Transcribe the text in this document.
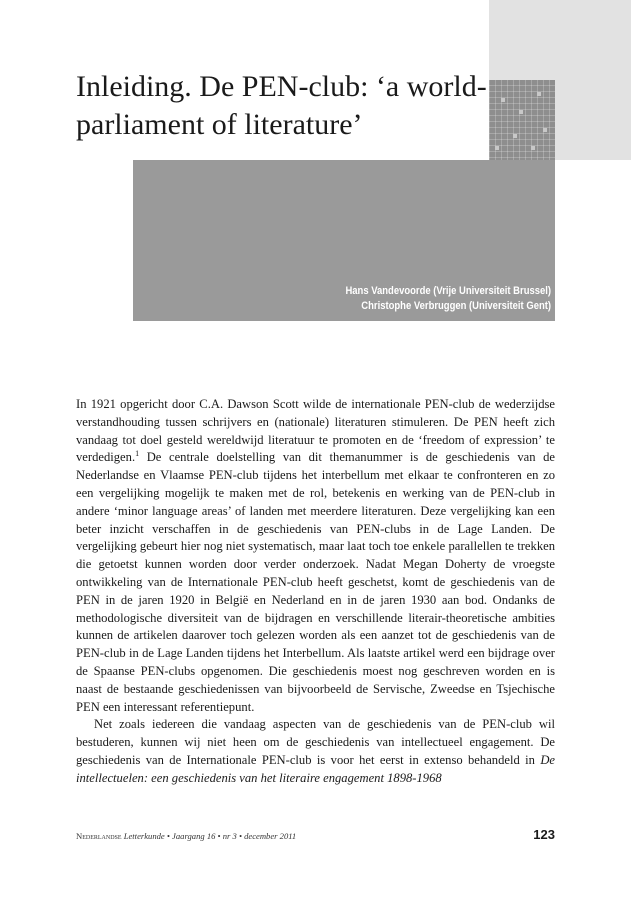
Inleiding. De PEN-club: ‘a world-
parliament of literature’
Hans Vandevoorde (Vrije Universiteit Brussel)
Christophe Verbruggen (Universiteit Gent)

In 1921 opgericht door C.A. Dawson Scott wilde de internationale PEN-club de wederzijdse verstandhouding tussen schrijvers en (nationale) literaturen stimuleren. De PEN heeft zich vandaag tot doel gesteld wereldwijd literatuur te promoten en de ‘freedom of expression’ te verdedigen.$^1$ De centrale doelstelling van dit themanummer is de geschiedenis van de Nederlandse en Vlaamse PEN-club tijdens het interbellum met elkaar te confronteren en zo een vergelijking mogelijk te maken met de rol, betekenis en werking van de PEN-club in andere ‘minor language areas’ of landen met meerdere literaturen. Deze vergelijking kan een beter inzicht verschaffen in de geschiedenis van PEN-clubs in de Lage Landen. De vergelijking gebeurt hier nog niet systematisch, maar laat toch toe enkele parallellen te trekken die getoetst kunnen worden door verder onderzoek. Nadat Megan Doherty de vroegste ontwikkeling van de Internationale PEN-club heeft geschetst, komt de geschiedenis van de PEN in de jaren 1920 in België en Nederland en in de jaren 1930 aan bod. Ondanks de methodologische diversiteit van de bijdragen en verschillende literair-theoretische ambities kunnen de artikelen daarover toch gelezen worden als een aanzet tot de geschiedenis van de PEN-club in de Lage Landen tijdens het Interbellum. Als laatste artikel werd een bijdrage over de Spaanse PEN-clubs opgenomen. Die geschiedenis moest nog geschreven worden en is naast de bestaande geschiedenissen van bijvoorbeeld de Servische, Zweedse en Tsjechische PEN een interessant referentiepunt.

Net zoals iedereen die vandaag aspecten van de geschiedenis van de PEN-club wil bestuderen, kunnen wij niet heen om de geschiedenis van intellectueel engagement. De geschiedenis van de Internationale PEN-club is voor het eerst in extenso behandeld in De intellectuelen: een geschiedenis van het literaire engagement 1898-1968

Nederlandse Letterkunde • Jaargang 16 • nr 3 • december 2011	123
